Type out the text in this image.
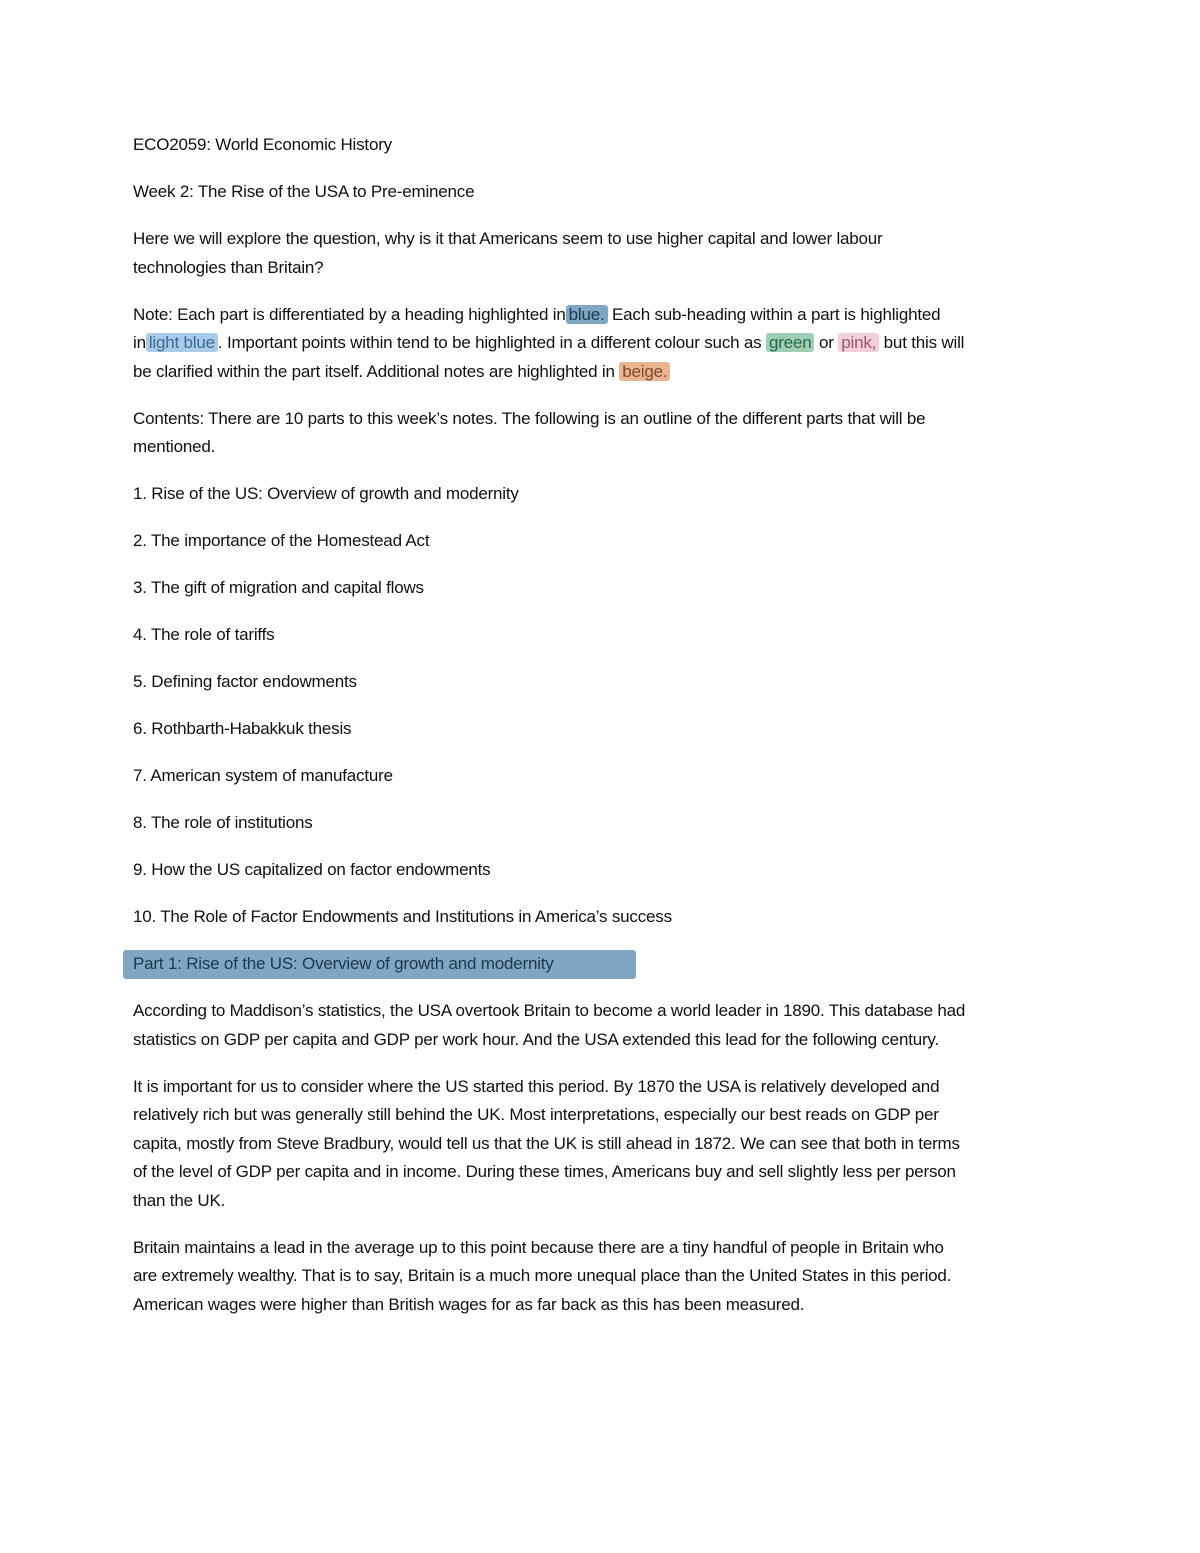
ECO2059: World Economic History

Week 2: The Rise of the USA to Pre-eminence

Here we will explore the question, why is it that Americans seem to use higher capital and lower labour technologies than Britain?

Note: Each part is differentiated by a heading highlighted in blue. Each sub-heading within a part is highlighted in light blue . Important points within tend to be highlighted in a different colour such as green or pink, but this will be clarified within the part itself. Additional notes are highlighted in beige.

Contents: There are 10 parts to this week’s notes. The following is an outline of the different parts that will be mentioned.

1. Rise of the US: Overview of growth and modernity

2. The importance of the Homestead Act

3. The gift of migration and capital flows

4. The role of tariffs

5. Defining factor endowments

6. Rothbarth-Habakkuk thesis

7. American system of manufacture

8. The role of institutions

9. How the US capitalized on factor endowments

10. The Role of Factor Endowments and Institutions in America’s success

Part 1: Rise of the US: Overview of growth and modernity

According to Maddison’s statistics, the USA overtook Britain to become a world leader in 1890. This database had statistics on GDP per capita and GDP per work hour. And the USA extended this lead for the following century.

It is important for us to consider where the US started this period. By 1870 the USA is relatively developed and relatively rich but was generally still behind the UK. Most interpretations, especially our best reads on GDP per capita, mostly from Steve Bradbury, would tell us that the UK is still ahead in 1872. We can see that both in terms of the level of GDP per capita and in income. During these times, Americans buy and sell slightly less per person than the UK.

Britain maintains a lead in the average up to this point because there are a tiny handful of people in Britain who are extremely wealthy. That is to say, Britain is a much more unequal place than the United States in this period. American wages were higher than British wages for as far back as this has been measured.
